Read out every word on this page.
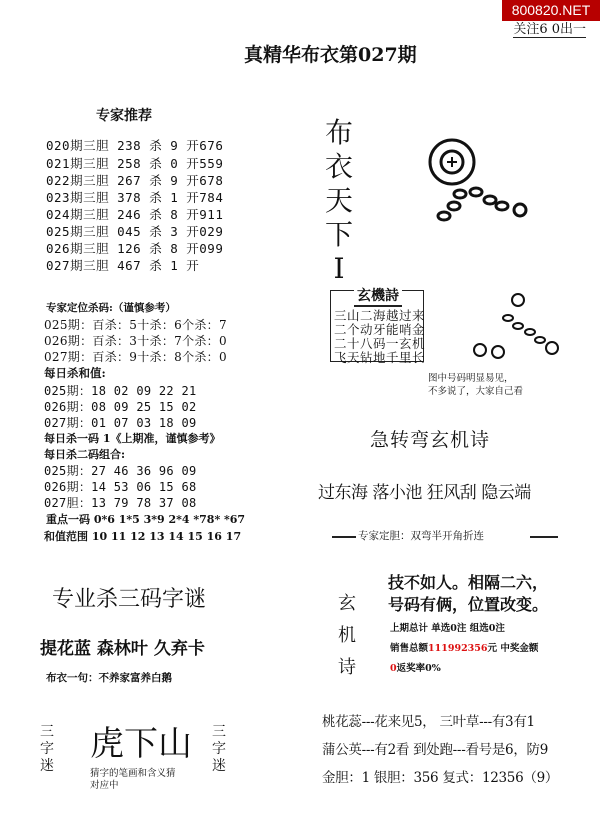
800820.NET
关注6 0出一
真精华布衣第027期
专家推荐
020期三胆 238 杀 9 开676
021期三胆 258 杀 0 开559
022期三胆 267 杀 9 开678
023期三胆 378 杀 1 开784
024期三胆 246 杀 8 开911
025期三胆 045 杀 3 开029
026期三胆 126 杀 8 开099
027期三胆 467 杀 1 开
专家定位杀码:（谨慎参考）
025期：百杀：5十杀：6个杀：7
026期：百杀：3十杀：7个杀：0
027期：百杀：9十杀：8个杀：0
每日杀和值:
025期：18 02 09 22 21
026期：08 09 25 15 02
027期：01 07 03 18 09
每日杀一码 1《上期准，谨慎参考》
每日杀二码组合:
025期：27 46 36 96 09
026期：14 53 06 15 68
027胆：13 79 78 37 08
重点一码 0*6 1*5 3*9 2*4 *78* *67
和值范围 10 11 12 13 14 15 16 17
专业杀三码字谜
提花蓝 森林叶 久弃卡
布衣一句：不养家富养白鹅
三
字
迷
虎下山
猜字的笔画和含义猜
对应中
三
字
迷
布
衣
天
下
I
玄機詩
三山二海越过来
二个动牙能哨金
二十八码一玄机
飞天钻地千里长
图中号码明显易见，
不多说了，大家自己看
急转弯玄机诗
过东海 落小池 狂风刮 隐云端
专家定胆：双弯半开角折连
玄
机
诗
技不如人。相隔二六，
号码有俩，位置改变。
上期总计 单选0注 组选0注
销售总额111992356元 中奖金额
0返奖率0%
桃花蕊---花来见5， 三叶草---有3有1
蒲公英---有2看 到处跑---看号是6，防9
金胆：1 银胆：356 复式：12356（9）
